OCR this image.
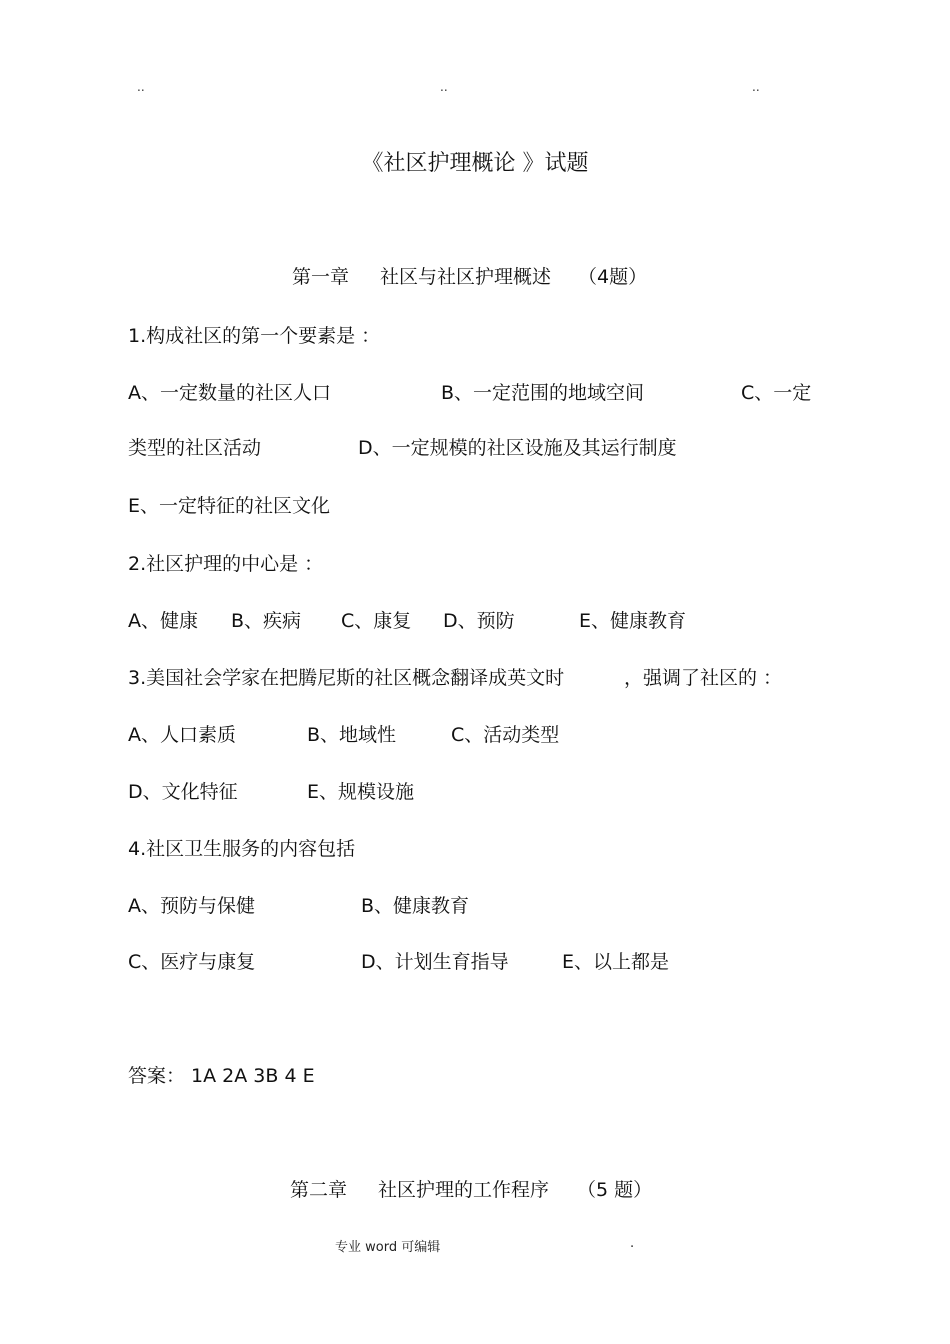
..	..	..
《社区护理概论 》试题
第一章 社区与社区护理概述 （4题）
1.构成社区的第一个要素是 ：
A、一定数量的社区人口	B、一定范围的地域空间	C、一定
类型的社区活动	D、一定规模的社区设施及其运行制度
E、一定特征的社区文化
2.社区护理的中心是 ：
A、健康 B、疾病 C、康复 D、预防	E、健康教育
3.美国社会学家在把腾尼斯的社区概念翻译成英文时	，强调了社区的 ：
A、人口素质	B、地域性	C、活动类型
D、文化特征	E、规模设施
4.社区卫生服务的内容包括
A、预防与保健	B、健康教育
C、医疗与康复	D、计划生育指导	E、以上都是
答案： 1A 2A 3B 4 E
第二章 社区护理的工作程序 （5 题）
专业 word 可编辑	.
